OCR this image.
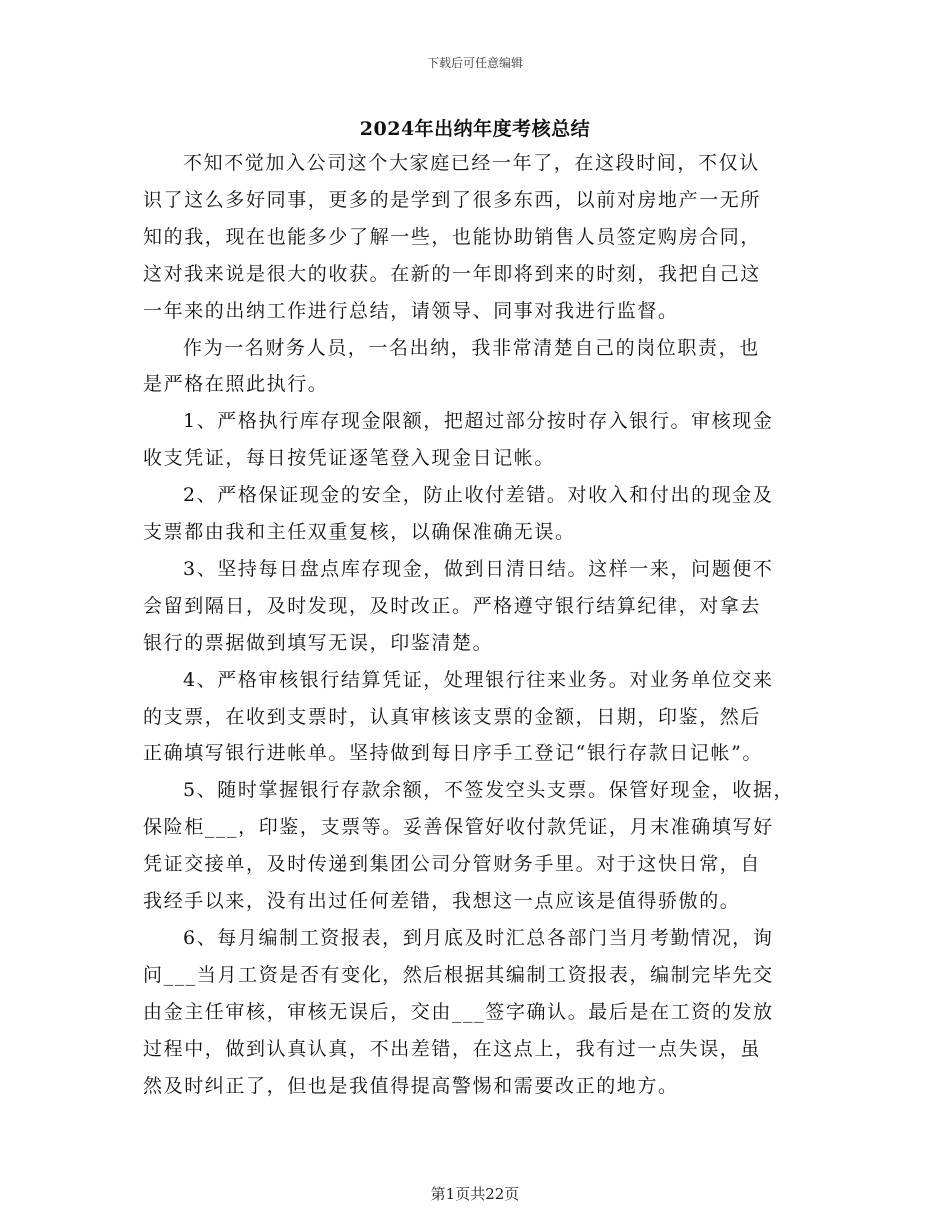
下载后可任意编辑
2024年出纳年度考核总结
不知不觉加入公司这个大家庭已经一年了，在这段时间，不仅认
识了这么多好同事，更多的是学到了很多东西，以前对房地产一无所
知的我，现在也能多少了解一些，也能协助销售人员签定购房合同，
这对我来说是很大的收获。在新的一年即将到来的时刻，我把自己这
一年来的出纳工作进行总结，请领导、同事对我进行监督。
作为一名财务人员，一名出纳，我非常清楚自己的岗位职责，也
是严格在照此执行。
1、严格执行库存现金限额，把超过部分按时存入银行。审核现金
收支凭证，每日按凭证逐笔登入现金日记帐。
2、严格保证现金的安全，防止收付差错。对收入和付出的现金及
支票都由我和主任双重复核，以确保准确无误。
3、坚持每日盘点库存现金，做到日清日结。这样一来，问题便不
会留到隔日，及时发现，及时改正。严格遵守银行结算纪律，对拿去
银行的票据做到填写无误，印鉴清楚。
4、严格审核银行结算凭证，处理银行往来业务。对业务单位交来
的支票，在收到支票时，认真审核该支票的金额，日期，印鉴，然后
正确填写银行进帐单。坚持做到每日序手工登记“银行存款日记帐”。
5、随时掌握银行存款余额，不签发空头支票。保管好现金，收据，
保险柜___，印鉴，支票等。妥善保管好收付款凭证，月末准确填写好
凭证交接单，及时传递到集团公司分管财务手里。对于这快日常，自
我经手以来，没有出过任何差错，我想这一点应该是值得骄傲的。
6、每月编制工资报表，到月底及时汇总各部门当月考勤情况，询
问___当月工资是否有变化，然后根据其编制工资报表，编制完毕先交
由金主任审核，审核无误后，交由___签字确认。最后是在工资的发放
过程中，做到认真认真，不出差错，在这点上，我有过一点失误，虽
然及时纠正了，但也是我值得提高警惕和需要改正的地方。
第1页共22页
